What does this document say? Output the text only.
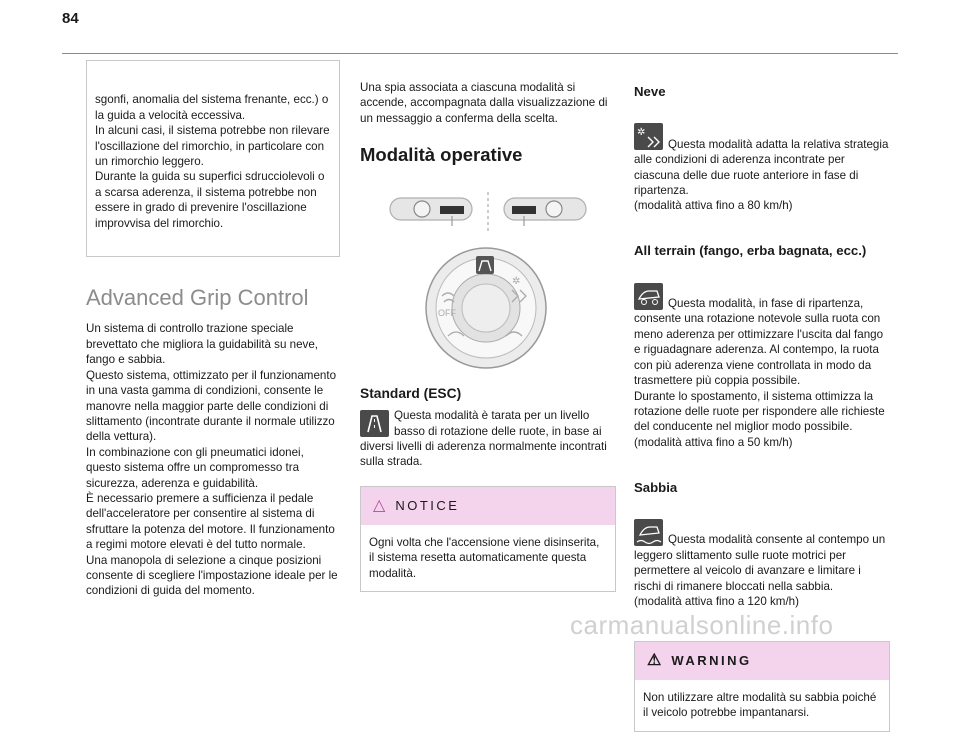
84

sgonfi, anomalia del sistema frenante, ecc.) o la guida a velocità eccessiva.
In alcuni casi, il sistema potrebbe non rilevare l'oscillazione del rimorchio, in particolare con un rimorchio leggero.
Durante la guida su superfici sdrucciolevoli o a scarsa aderenza, il sistema potrebbe non essere in grado di prevenire l'oscillazione improvvisa del rimorchio.

Advanced Grip Control

Un sistema di controllo trazione speciale brevettato che migliora la guidabilità su neve, fango e sabbia.
Questo sistema, ottimizzato per il funzionamento in una vasta gamma di condizioni, consente le manovre nella maggior parte delle condizioni di slittamento (incontrate durante il normale utilizzo della vettura).
In combinazione con gli pneumatici idonei, questo sistema offre un compromesso tra sicurezza, aderenza e guidabilità.
È necessario premere a sufficienza il pedale dell'acceleratore per consentire al sistema di sfruttare la potenza del motore. Il funzionamento a regimi motore elevati è del tutto normale.
Una manopola di selezione a cinque posizioni consente di scegliere l'impostazione ideale per le condizioni di guida del momento.

Una spia associata a ciascuna modalità si accende, accompagnata dalla visualizzazione di un messaggio a conferma della scelta.

Modalità operative
OFF
✲
Standard (ESC)

Questa modalità è tarata per un livello basso di rotazione delle ruote, in base ai diversi livelli di aderenza normalmente incontrati sulla strada.

△ NOTICE

Ogni volta che l'accensione viene disinserita, il sistema resetta automaticamente questa modalità.

Neve

✲

Questa modalità adatta la relativa strategia alle condizioni di aderenza incontrate per ciascuna delle due ruote anteriore in fase di ripartenza.
(modalità attiva fino a 80 km/h)

All terrain (fango, erba bagnata, ecc.)

Questa modalità, in fase di ripartenza, consente una rotazione notevole sulla ruota con meno aderenza per ottimizzare l'uscita dal fango e riguadagnare aderenza. Al contempo, la ruota con più aderenza viene controllata in modo da trasmettere più coppia possibile.
Durante lo spostamento, il sistema ottimizza la rotazione delle ruote per rispondere alle richieste del conducente nel miglior modo possibile.
(modalità attiva fino a 50 km/h)

Sabbia

Questa modalità consente al contempo un leggero slittamento sulle ruote motrici per permettere al veicolo di avanzare e limitare i rischi di rimanere bloccati nella sabbia.
(modalità attiva fino a 120 km/h)

⚠ WARNING

Non utilizzare altre modalità su sabbia poiché il veicolo potrebbe impantanarsi.

carmanualsonline.info
